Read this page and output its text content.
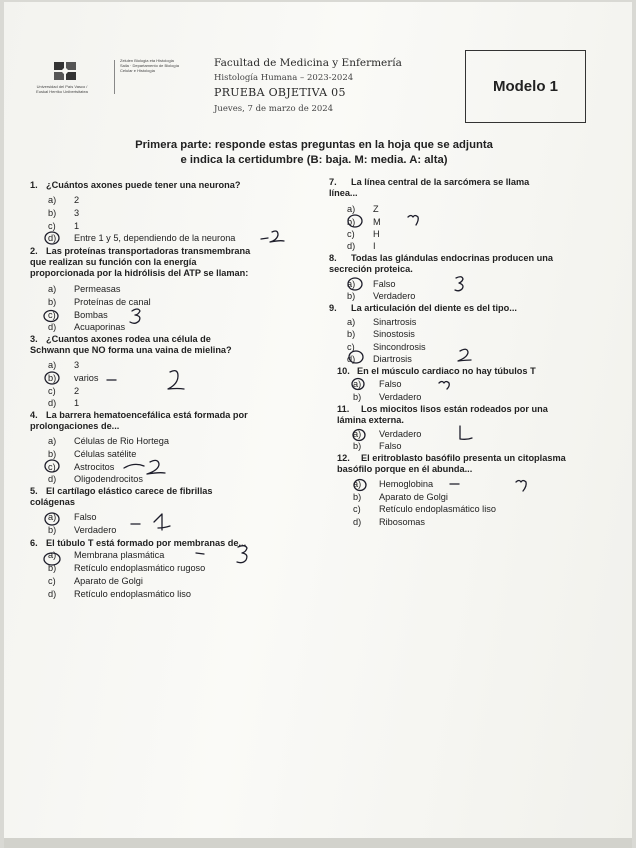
Universidad del País Vasco / Euskal Herriko Unibertsitatea
Zelulen Biologia eta Histologia Saila · Departamento de Biología Celular e Histología
Facultad de Medicina y Enfermería
Histología Humana – 2023-2024
PRUEBA OBJETIVA 05
Jueves, 7 de marzo de 2024
Modelo 1
Primera parte: responde estas preguntas en la hoja que se adjunta
e indica la certidumbre (B: baja. M: media. A: alta)
1. ¿Cuántos axones puede tener una neurona?
a) 2
b) 3
c) 1
d) Entre 1 y 5, dependiendo de la neurona
2. Las proteínas transportadoras transmembrana
que realizan su función con la energía
proporcionada por la hidrólisis del ATP se llaman:
a) Permeasas
b) Proteínas de canal
c) Bombas
d) Acuaporinas
3. ¿Cuantos axones rodea una célula de
Schwann que NO forma una vaina de mielina?
a) 3
b) varios
c) 2
d) 1
4. La barrera hematoencefálica está formada por
prolongaciones de...
a) Células de Rio Hortega
b) Células satélite
c) Astrocitos
d) Oligodendrocitos
5. El cartílago elástico carece de fibrillas
colágenas
a) Falso
b) Verdadero
6. El túbulo T está formado por membranas de...
a) Membrana plasmática
b) Retículo endoplasmático rugoso
c) Aparato de Golgi
d) Retículo endoplasmático liso
7. La línea central de la sarcómera se llama
línea...
a) Z
b) M
c) H
d) I
8. Todas las glándulas endocrinas producen una
secreción proteica.
a) Falso
b) Verdadero
9. La articulación del diente es del tipo...
a) Sinartrosis
b) Sinostosis
c) Sincondrosis
d) Diartrosis
10. En el músculo cardiaco no hay túbulos T
a) Falso
b) Verdadero
11. Los miocitos lisos están rodeados por una
lámina externa.
a) Verdadero
b) Falso
12. El eritroblasto basófilo presenta un citoplasma
basófilo porque en él abunda...
a) Hemoglobina
b) Aparato de Golgi
c) Retículo endoplasmático liso
d) Ribosomas
